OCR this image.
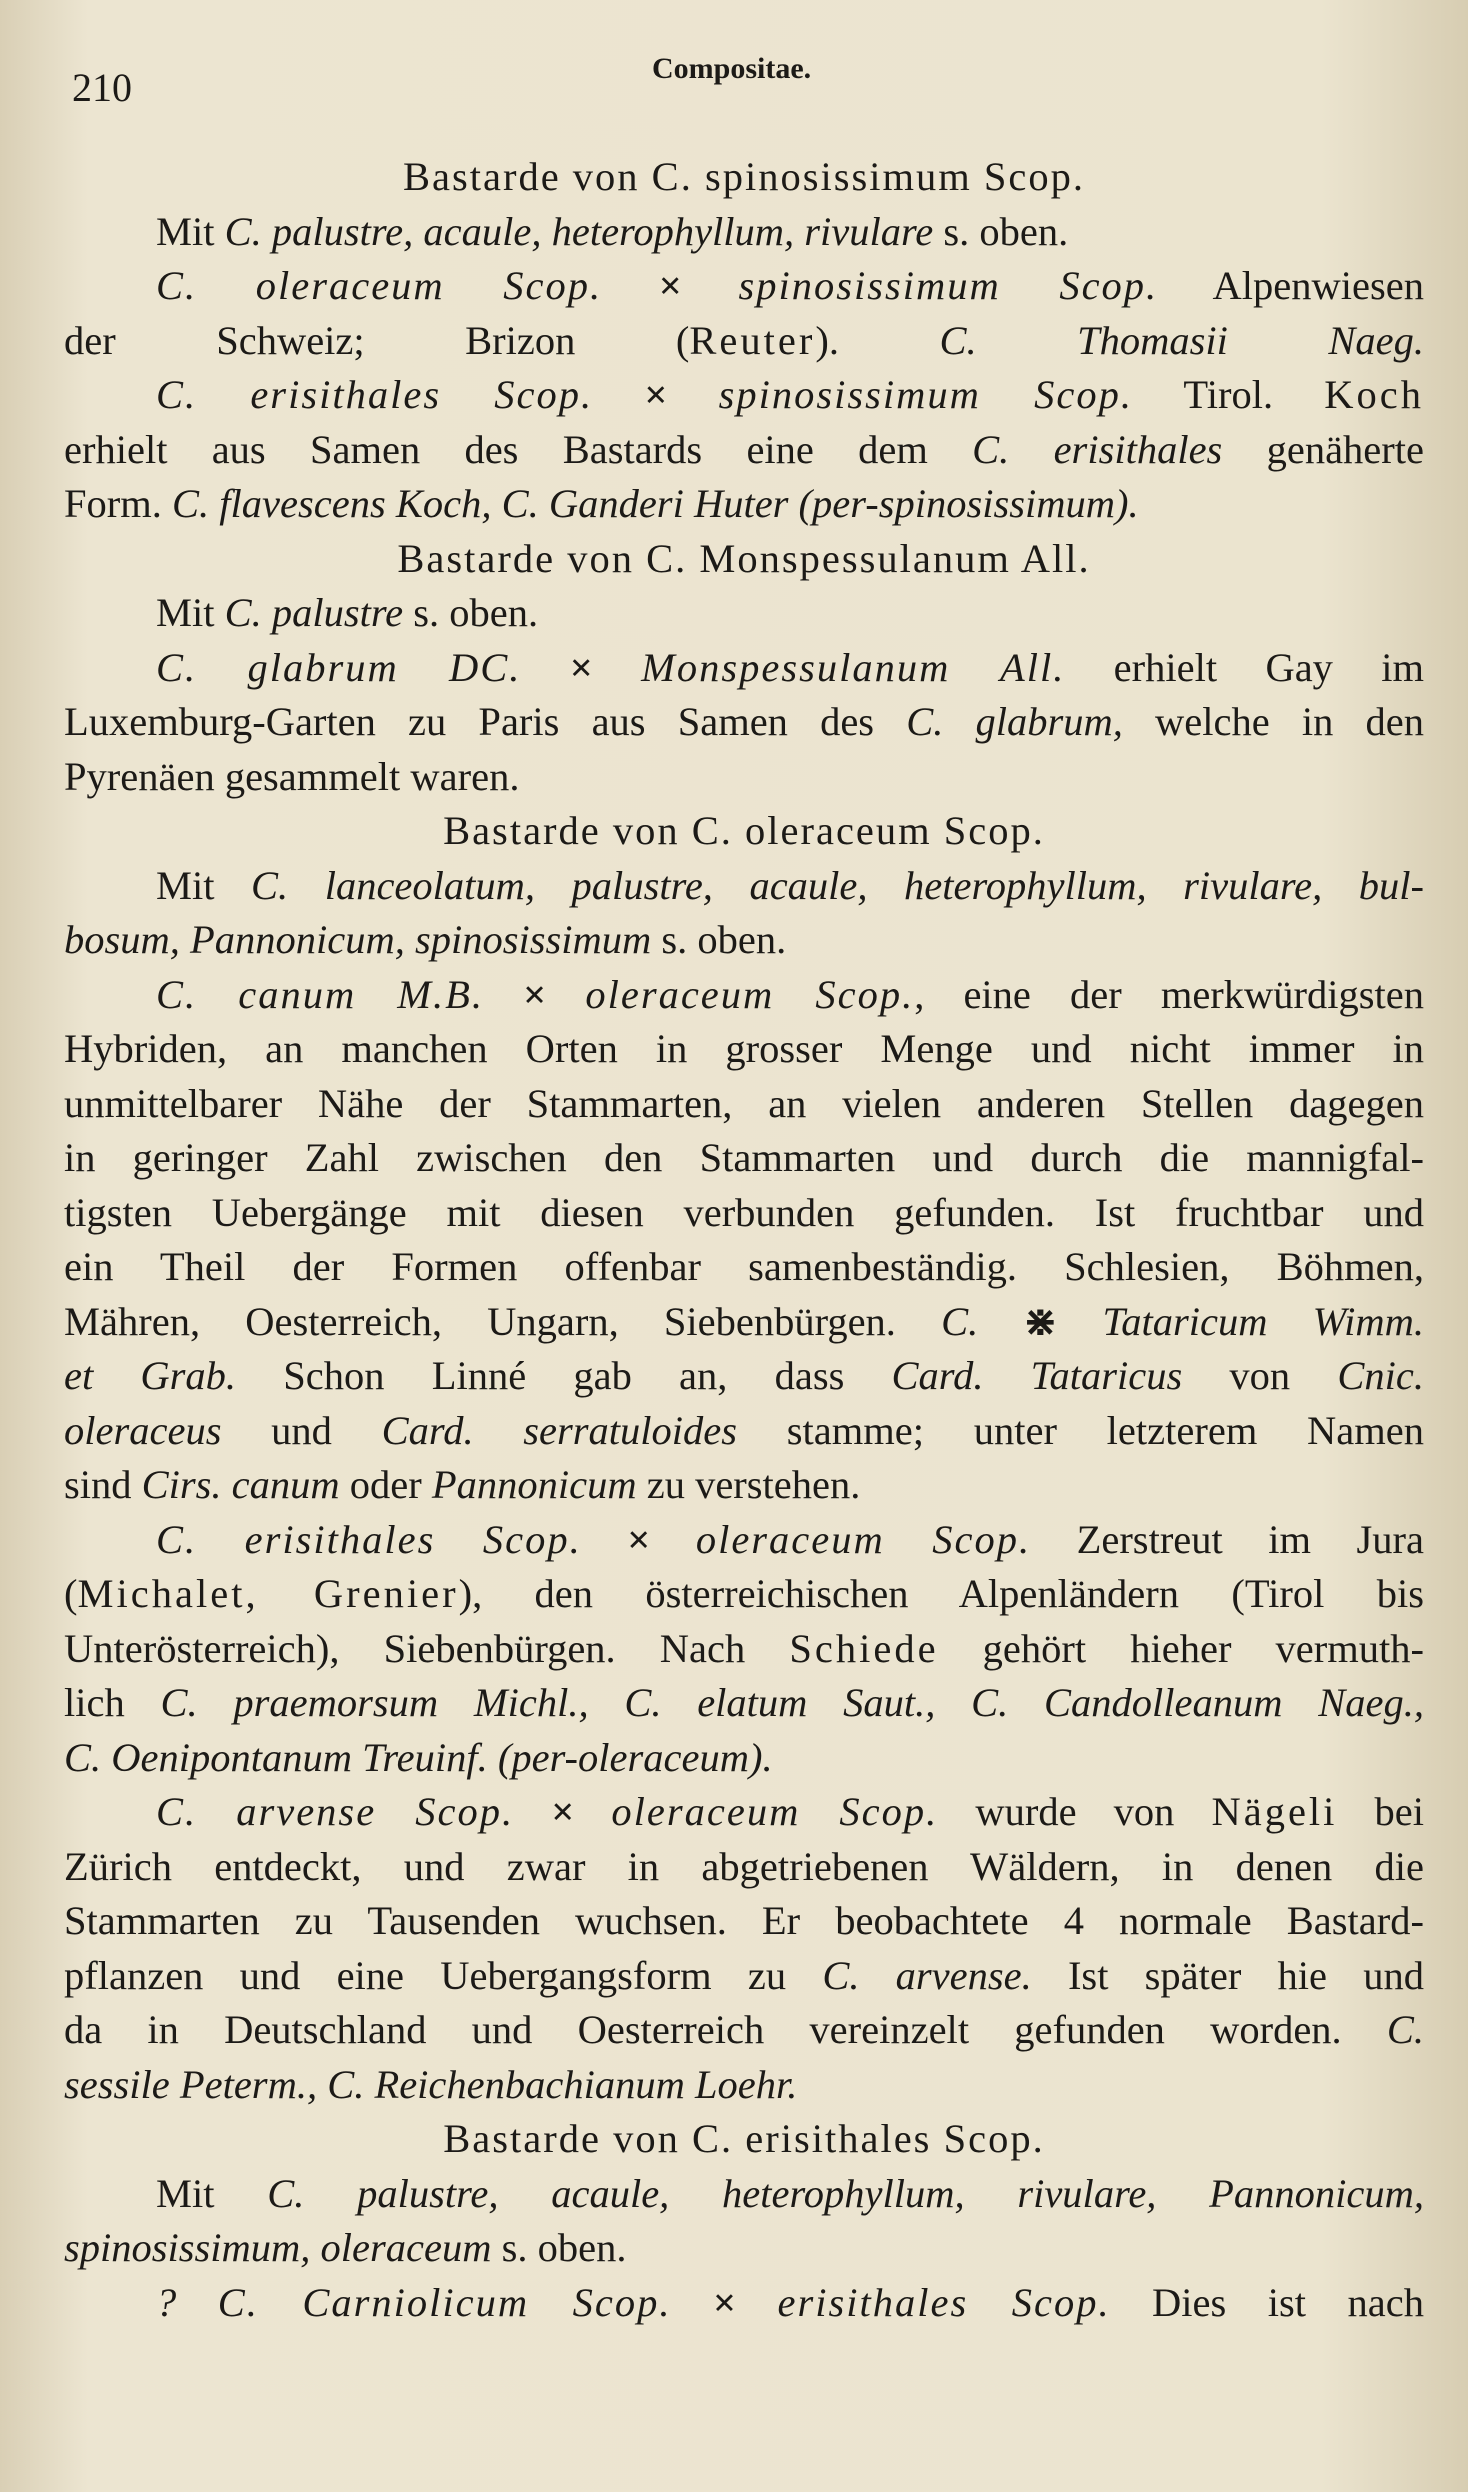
210	Compositae.
Bastarde von C. spinosissimum Scop.
Mit C. palustre, acaule, heterophyllum, rivulare s. oben.
C. oleraceum Scop. × spinosissimum Scop. Alpenwiesen
der Schweiz; Brizon (Reuter). C. Thomasii Naeg.
C. erisithales Scop. × spinosissimum Scop. Tirol. Koch
erhielt aus Samen des Bastards eine dem C. erisithales genäherte
Form. C. flavescens Koch, C. Ganderi Huter (per-spinosissimum).
Bastarde von C. Monspessulanum All.
Mit C. palustre s. oben.
C. glabrum DC. × Monspessulanum All. erhielt Gay im
Luxemburg-Garten zu Paris aus Samen des C. glabrum, welche in den
Pyrenäen gesammelt waren.
Bastarde von C. oleraceum Scop.
Mit C. lanceolatum, palustre, acaule, heterophyllum, rivulare, bul-
bosum, Pannonicum, spinosissimum s. oben.
C. canum M.B. × oleraceum Scop., eine der merkwürdigsten
Hybriden, an manchen Orten in grosser Menge und nicht immer in
unmittelbarer Nähe der Stammarten, an vielen anderen Stellen dagegen
in geringer Zahl zwischen den Stammarten und durch die mannigfal-
tigsten Uebergänge mit diesen verbunden gefunden. Ist fruchtbar und
ein Theil der Formen offenbar samenbeständig. Schlesien, Böhmen,
Mähren, Oesterreich, Ungarn, Siebenbürgen. C. ⋇ Tataricum Wimm.
et Grab. Schon Linné gab an, dass Card. Tataricus von Cnic.
oleraceus und Card. serratuloides stamme; unter letzterem Namen
sind Cirs. canum oder Pannonicum zu verstehen.
C. erisithales Scop. × oleraceum Scop. Zerstreut im Jura
(Michalet, Grenier), den österreichischen Alpenländern (Tirol bis
Unterösterreich), Siebenbürgen. Nach Schiede gehört hieher vermuth-
lich C. praemorsum Michl., C. elatum Saut., C. Candolleanum Naeg.,
C. Oenipontanum Treuinf. (per-oleraceum).
C. arvense Scop. × oleraceum Scop. wurde von Nägeli bei
Zürich entdeckt, und zwar in abgetriebenen Wäldern, in denen die
Stammarten zu Tausenden wuchsen. Er beobachtete 4 normale Bastard-
pflanzen und eine Uebergangsform zu C. arvense. Ist später hie und
da in Deutschland und Oesterreich vereinzelt gefunden worden. C.
sessile Peterm., C. Reichenbachianum Loehr.
Bastarde von C. erisithales Scop.
Mit C. palustre, acaule, heterophyllum, rivulare, Pannonicum,
spinosissimum, oleraceum s. oben.
? C. Carniolicum Scop. × erisithales Scop. Dies ist nach
